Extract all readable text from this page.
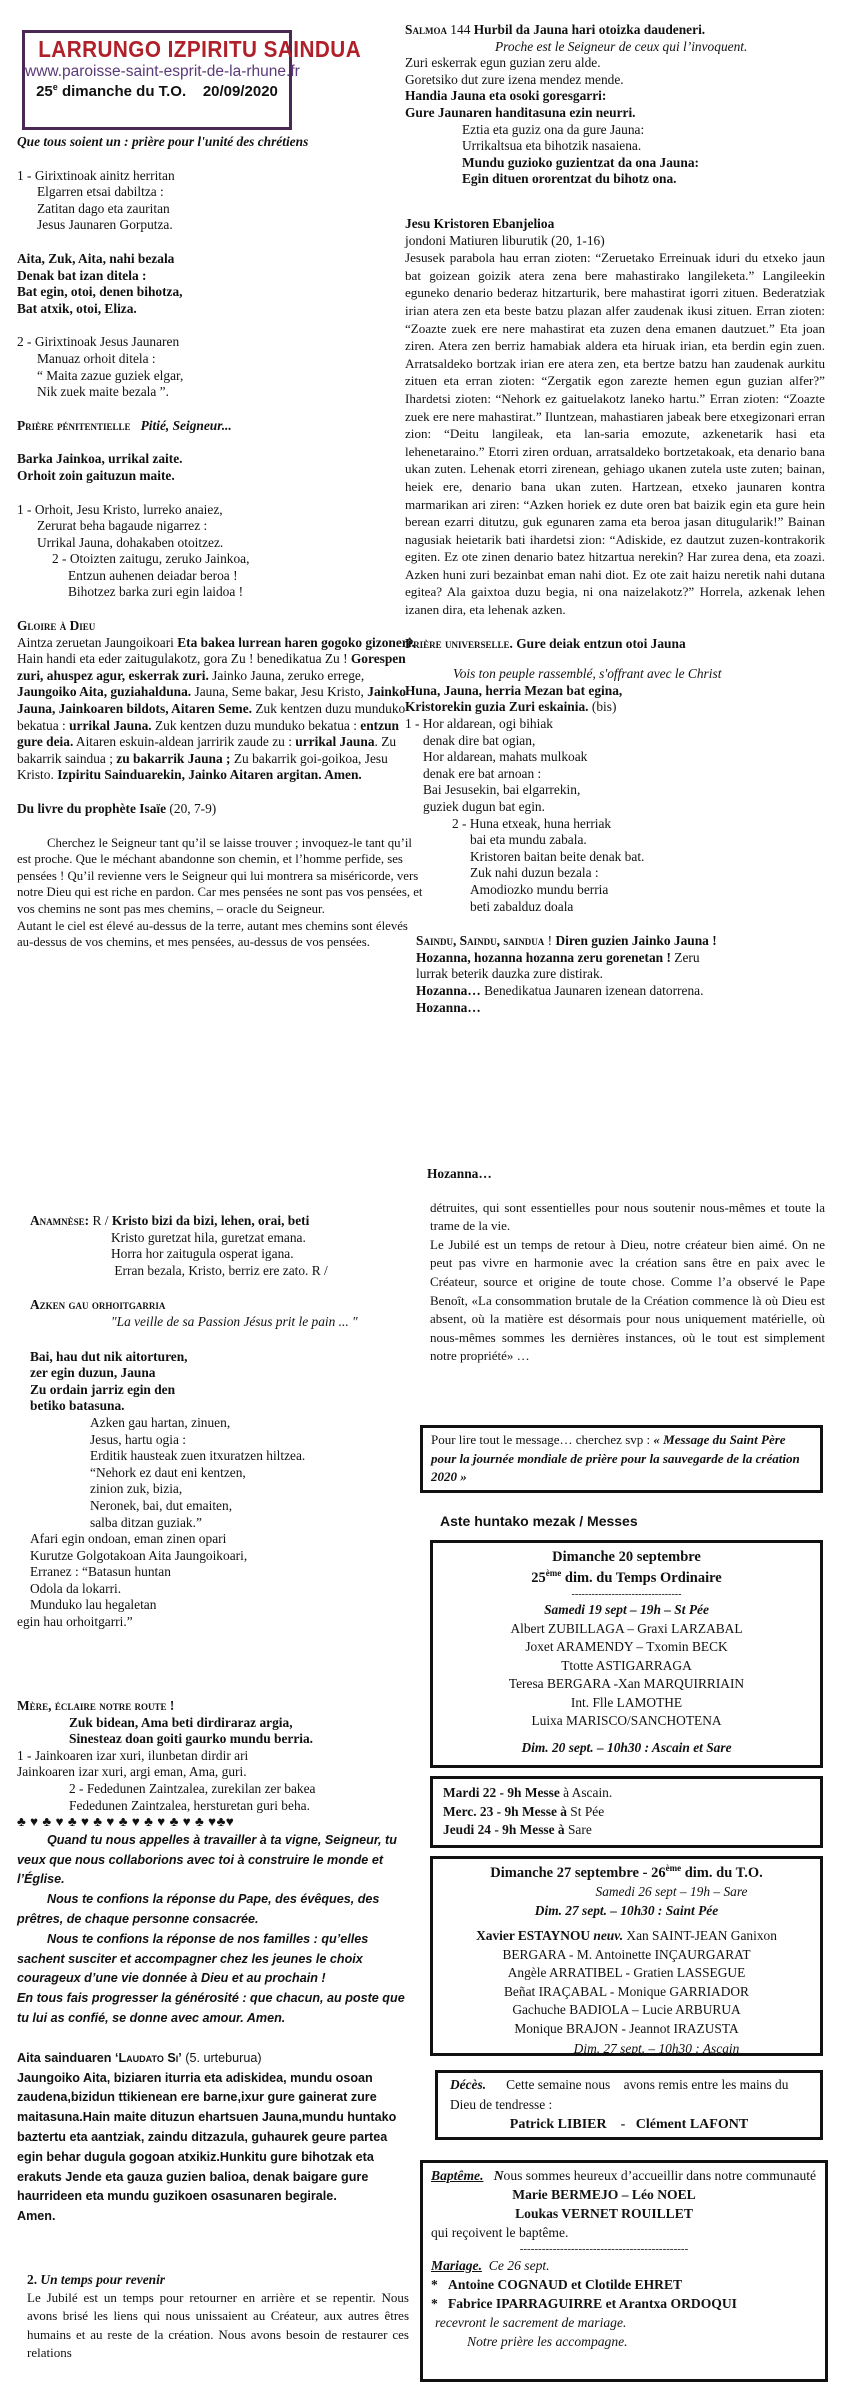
LARRUNGO IZPIRITU SAINDUA
www.paroisse-saint-esprit-de-la-rhune.fr
25e dimanche du T.O. 20/09/2020
Que tous soient un : prière pour l'unité des chrétiens
1 - Girixtinoak ainitz herritan
Elgarren etsai dabiltza :
Zatitan dago eta zauritan
Jesus Jaunaren Gorputza.
Aita, Zuk, Aita, nahi bezala
Denak bat izan ditela :
Bat egin, otoi, denen bihotza,
Bat atxik, otoi, Eliza.
2 - Girixtinoak Jesus Jaunaren
Manuaz orhoit ditela :
“ Maita zazue guziek elgar,
Nik zuek maite bezala ”.
Prière pénitentielle Pitié, Seigneur...
Barka Jainkoa, urrikal zaite.
Orhoit zoin gaituzun maite.
1 - Orhoit, Jesu Kristo, lurreko anaiez,
Zerurat beha bagaude nigarrez :
Urrikal Jauna, dohakaben otoitzez.
2 - Otoizten zaitugu, zeruko Jainkoa,
Entzun auhenen deiadar beroa !
Bihotzez barka zuri egin laidoa !
Gloire à Dieu
Aintza zeruetan Jaungoikoari Eta bakea lurrean haren gogoko gizoneri. Hain handi eta eder zaitugulakotz, gora Zu ! benedikatua Zu ! Gorespen zuri, ahuspez agur, eskerrak zuri. Jainko Jauna, zeruko errege, Jaungoiko Aita, guziahalduna. Jauna, Seme bakar, Jesu Kristo, Jainko Jauna, Jainkoaren bildots, Aitaren Seme. Zuk kentzen duzu munduko bekatua : urrikal Jauna. Zuk kentzen duzu munduko bekatua : entzun gure deia. Aitaren eskuin-aldean jarririk zaude zu : urrikal Jauna. Zu bakarrik saindua ; zu bakarrik Jauna ; Zu bakarrik goi-goikoa, Jesu Kristo. Izpiritu Sainduarekin, Jainko Aitaren argitan. Amen.
Du livre du prophète Isaïe (20, 7-9)
Cherchez le Seigneur tant qu’il se laisse trouver ; invoquez-le tant qu’il est proche. Que le méchant abandonne son chemin, et l’homme perfide, ses pensées ! Qu’il revienne vers le Seigneur qui lui montrera sa miséricorde, vers notre Dieu qui est riche en pardon. Car mes pensées ne sont pas vos pensées, et vos chemins ne sont pas mes chemins, – oracle du Seigneur.
Autant le ciel est élevé au-dessus de la terre, autant mes chemins sont élevés au-dessus de vos chemins, et mes pensées, au-dessus de vos pensées.
Salmoa 144 Hurbil da Jauna hari otoizka daudeneri.
Proche est le Seigneur de ceux qui l’invoquent.
Zuri eskerrak egun guzian zeru alde.
Goretsiko dut zure izena mendez mende.
Handia Jauna eta osoki goresgarri:
Gure Jaunaren handitasuna ezin neurri.
Eztia eta guziz ona da gure Jauna:
Urrikaltsua eta bihotzik nasaiena.
Mundu guzioko guzientzat da ona Jauna:
Egin dituen ororentzat du bihotz ona.
Jesu Kristoren Ebanjelioa
jondoni Matiuren liburutik (20, 1-16)
Jesusek parabola hau erran zioten: “Zeruetako Erreinuak iduri du etxeko jaun bat goizean goizik atera zena bere mahastirako langileketa.” Langileekin eguneko denario bederaz hitzarturik, bere mahastirat igorri zituen. Bederatziak irian atera zen eta beste batzu plazan alfer zaudenak ikusi zituen. Erran zioten: “Zoazte zuek ere nere mahastirat eta zuzen dena emanen dautzuet.” Eta joan ziren. Atera zen berriz hamabiak aldera eta hiruak irian, eta berdin egin zuen. Arratsaldeko bortzak irian ere atera zen, eta bertze batzu han zaudenak aurkitu zituen eta erran zioten: “Zergatik egon zarezte hemen egun guzian alfer?” Ihardetsi zioten: “Nehork ez gaituelakotz laneko hartu.” Erran zioten: “Zoazte zuek ere nere mahastirat.” Iluntzean, mahastiaren jabeak bere etxegizonari erran zion: “Deitu langileak, eta lan-saria emozute, azkenetarik hasi eta lehenetaraino.” Etorri ziren orduan, arratsaldeko bortzetakoak, eta denario bana ukan zuten. Lehenak etorri zirenean, gehiago ukanen zutela uste zuten; bainan, heiek ere, denario bana ukan zuten. Hartzean, etxeko jaunaren kontra marmarikan ari ziren: “Azken horiek ez dute oren bat baizik egin eta gure hein berean ezarri ditutzu, guk egunaren zama eta beroa jasan ditugularik!” Bainan nagusiak heietarik bati ihardetsi zion: “Adiskide, ez dautzut zuzen-kontrakorik egiten. Ez ote zinen denario batez hitzartua nerekin? Har zurea dena, eta zoazi. Azken huni zuri bezainbat eman nahi diot. Ez ote zait haizu neretik nahi dutana egitea? Ala gaixtoa duzu begia, ni ona naizelakotz?” Horrela, azkenak lehen izanen dira, eta lehenak azken.
Prière universelle. Gure deiak entzun otoi Jauna
Vois ton peuple rassemblé, s'offrant avec le Christ
Huna, Jauna, herria Mezan bat egina,
Kristorekin guzia Zuri eskainia. (bis)
1 - Hor aldarean, ogi bihiak
denak dire bat ogian,
Hor aldarean, mahats mulkoak
denak ere bat arnoan :
Bai Jesusekin, bai elgarrekin,
guziek dugun bat egin.
2 - Huna etxeak, huna herriak
bai eta mundu zabala.
Kristoren baitan beite denak bat.
Zuk nahi duzun bezala :
Amodiozko mundu berria
beti zabalduz doala
Saindu, Saindu, saindua ! Diren guzien Jainko Jauna ! Hozanna, hozanna hozanna zeru gorenetan ! Zeru lurrak beterik dauzka zure distirak.
Hozanna… Benedikatua Jaunaren izenean datorrena.
Hozanna…
Anamnèse: R / Kristo bizi da bizi, lehen, orai, beti
Kristo guretzat hila, guretzat emana.
Horra hor zaitugula osperat igana.
Erran bezala, Kristo, berriz ere zato. R /
Azken gau orhoitgarria
"La veille de sa Passion Jésus prit le pain ... "
Bai, hau dut nik aitorturen,
zer egin duzun, Jauna
Zu ordain jarriz egin den
betiko batasuna.
Azken gau hartan, zinuen,
Jesus, hartu ogia :
Erditik hausteak zuen itxuratzen hiltzea.
“Nehork ez daut eni kentzen,
zinion zuk, bizia,
Neronek, bai, dut emaiten,
salba ditzan guziak.”
Afari egin ondoan, eman zinen opari
Kurutze Golgotakoan Aita Jaungoikoari,
Erranez : “Batasun huntan
Odola da lokarri.
Munduko lau hegaletan
egin hau orhoitgarri.”
Mère, éclaire notre route !
Zuk bidean, Ama beti dirdiraraz argia,
Sinesteaz doan goiti gaurko mundu berria.
1 - Jainkoaren izar xuri, ilunbetan dirdir ari
Jainkoaren izar xuri, argi eman, Ama, guri.
2 - Fededunen Zaintzalea, zurekilan zer bakea
Fededunen Zaintzalea, hersturetan guri beha.
♣ ♥ ♣ ♥ ♣ ♥ ♣ ♥ ♣ ♥ ♣ ♥ ♣ ♥ ♣ ♥♣♥
Quand tu nous appelles à travailler à ta vigne, Seigneur, tu veux que nous collaborions avec toi à construire le monde et l’Église.
Nous te confions la réponse du Pape, des évêques, des prêtres, de chaque personne consacrée.
Nous te confions la réponse de nos familles : qu’elles sachent susciter et accompagner chez les jeunes le choix courageux d’une vie donnée à Dieu et au prochain !
En tous fais progresser la générosité : que chacun, au poste que tu lui as confié, se donne avec amour. Amen.
Aita sainduaren ‘Laudato Si’ (5. urteburua)
Jaungoiko Aita, biziaren iturria eta adiskidea, mundu osoan zaudena,bizidun ttikienean ere barne,ixur gure gainerat zure maitasuna.Hain maite dituzun ehartsuen Jauna,mundu huntako baztertu eta aantziak, zaindu ditzazula, guhaurek geure partea egin behar dugula gogoan atxikiz.Hunkitu gure bihotzak eta erakuts Jende eta gauza guzien balioa, denak baigare gure haurrideen eta mundu guzikoen osasunaren begirale.
Amen.
2. Un temps pour revenir
Le Jubilé est un temps pour retourner en arrière et se repentir. Nous avons brisé les liens qui nous unissaient au Créateur, aux autres êtres humains et au reste de la création. Nous avons besoin de restaurer ces relations
Hozanna…
détruites, qui sont essentielles pour nous soutenir nous-mêmes et toute la trame de la vie.
Le Jubilé est un temps de retour à Dieu, notre créateur bien aimé. On ne peut pas vivre en harmonie avec la création sans être en paix avec le Créateur, source et origine de toute chose. Comme l’a observé le Pape Benoît, «La consommation brutale de la Création commence là où Dieu est absent, où la matière est désormais pour nous uniquement matérielle, où nous-mêmes sommes les dernières instances, où le tout est simplement notre propriété» …
Pour lire tout le message… cherchez svp : « Message du Saint Père pour la journée mondiale de prière pour la sauvegarde de la création 2020 »
Aste huntako mezak / Messes
Dimanche 20 septembre
25ème dim. du Temps Ordinaire
---------------------------------
Samedi 19 sept – 19h – St Pée
Albert ZUBILLAGA – Graxi LARZABAL
Joxet ARAMENDY – Txomin BECK
Ttotte ASTIGARRAGA
Teresa BERGARA -Xan MARQUIRRIAIN
Int. Flle LAMOTHE
Luixa MARISCO/SANCHOTENA
Dim. 20 sept. – 10h30 : Ascain et Sare
Mardi 22 - 9h Messe à Ascain.
Merc. 23 - 9h Messe à St Pée
Jeudi 24 - 9h Messe à Sare
Dimanche 27 septembre - 26ème dim. du T.O.
Samedi 26 sept – 19h – Sare
Dim. 27 sept. – 10h30 : Saint Pée
Xavier ESTAYNOU neuv. Xan SAINT-JEAN Ganixon
BERGARA - M. Antoinette INÇAURGARAT
Angèle ARRATIBEL - Gratien LASSEGUE
Beñat IRAÇABAL - Monique GARRIADOR
Gachuche BADIOLA – Lucie ARBURUA
Monique BRAJON - Jeannot IRAZUSTA
Dim. 27 sept. – 10h30 : Ascain
Décès.      Cette semaine nous    avons remis entre les mains du   Dieu de tendresse :
Patrick LIBIER    -   Clément LAFONT
Baptême. Nous sommes heureux d’accueillir dans notre communauté
Marie BERMEJO – Léo NOEL
Loukas VERNET ROUILLET
qui reçoivent le baptême.
----------------------------------------------
Mariage.  Ce 26 sept.
* Antoine COGNAUD et Clotilde EHRET
* Fabrice IPARRAGUIRRE et Arantxa ORDOQUI
recevront le sacrement de mariage.
Notre prière les accompagne.
